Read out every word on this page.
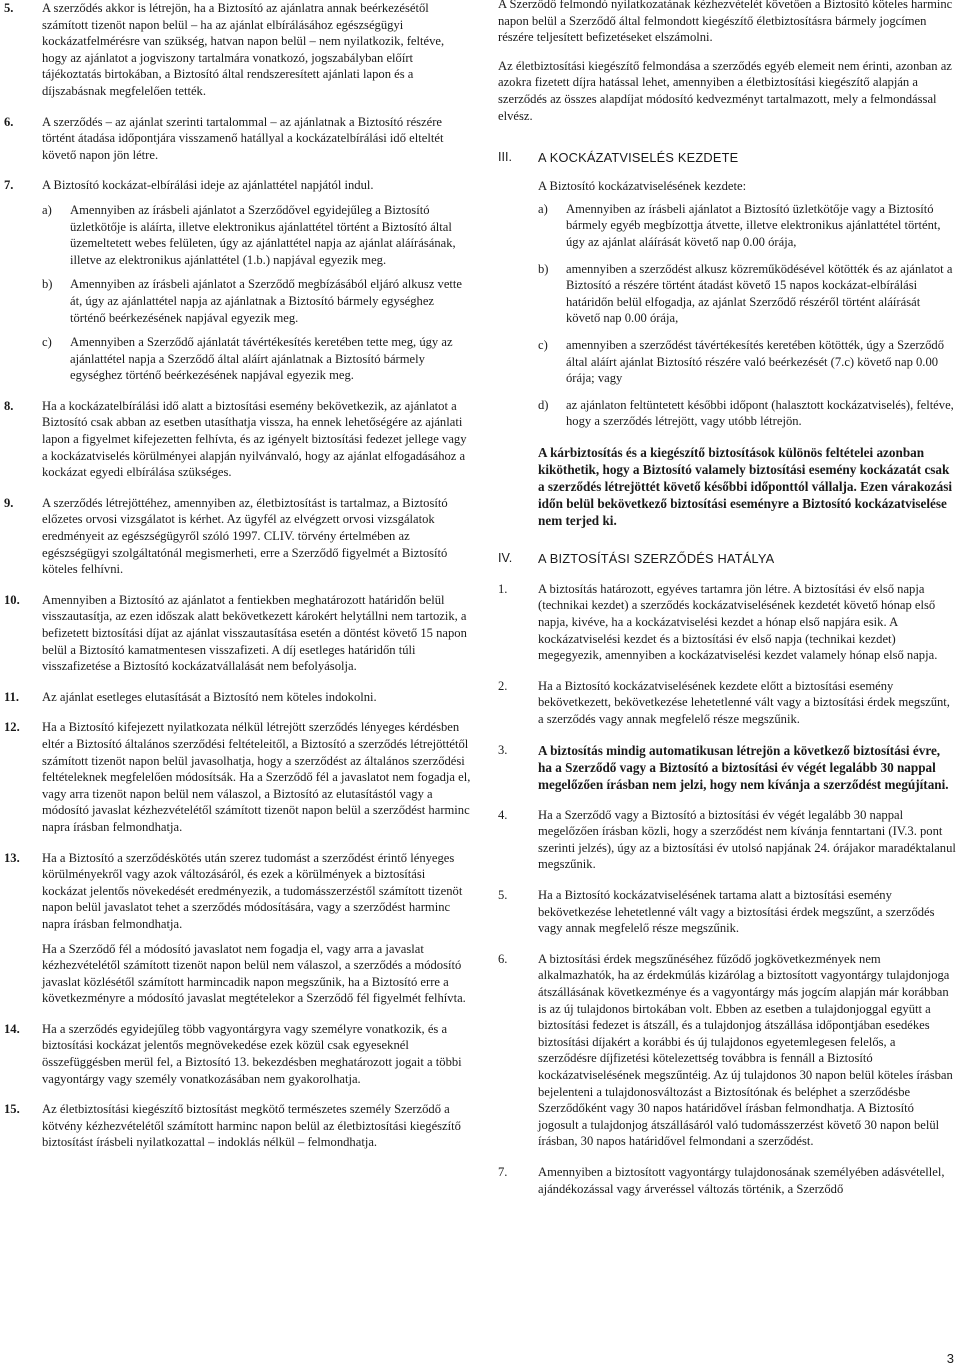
5. A szerződés akkor is létrejön, ha a Biztosító az ajánlatra annak beérkezésétől számított tizenöt napon belül – ha az ajánlat elbírálásához egészségügyi kockázatfelmérésre van szükség, hatvan napon belül – nem nyilatkozik, feltéve, hogy az ajánlatot a jogviszony tartalmára vonatkozó, jogszabályban előírt tájékoztatás birtokában, a Biztosító által rendszeresített ajánlati lapon és a díjszabásnak megfelelően tették.

6. A szerződés – az ajánlat szerinti tartalommal – az ajánlatnak a Biztosító részére történt átadása időpontjára visszamenő hatállyal a kockázatelbírálási idő elteltét követő napon jön létre.

7. A Biztosító kockázat-elbírálási ideje az ajánlattétel napjától indul.

a) Amennyiben az írásbeli ajánlatot a Szerződővel egyidejűleg a Biztosító üzletkötője is aláírta, illetve elektronikus ajánlattétel történt a Biztosító által üzemeltetett webes felületen, úgy az ajánlattétel napja az ajánlat aláírásának, illetve az elektronikus ajánlattétel (1.b.) napjával egyezik meg.

b) Amennyiben az írásbeli ajánlatot a Szerződő megbízásából eljáró alkusz vette át, úgy az ajánlattétel napja az ajánlatnak a Biztosító bármely egységhez történő beérkezésének napjával egyezik meg.

c) Amennyiben a Szerződő ajánlatát távértékesítés keretében tette meg, úgy az ajánlattétel napja a Szerződő által aláírt ajánlatnak a Biztosító bármely egységhez történő beérkezésének napjával egyezik meg.

8. Ha a kockázatelbírálási idő alatt a biztosítási esemény bekövetkezik, az ajánlatot a Biztosító csak abban az esetben utasíthatja vissza, ha ennek lehetőségére az ajánlati lapon a figyelmet kifejezetten felhívta, és az igényelt biztosítási fedezet jellege vagy a kockázatviselés körülményei alapján nyilvánvaló, hogy az ajánlat elfogadásához a kockázat egyedi elbírálása szükséges.

9. A szerződés létrejöttéhez, amennyiben az, életbiztosítást is tartalmaz, a Biztosító előzetes orvosi vizsgálatot is kérhet. Az ügyfél az elvégzett orvosi vizsgálatok eredményeit az egészségügyről szóló 1997. CLIV. törvény értelmében az egészségügyi szolgáltatónál megismerheti, erre a Szerződő figyelmét a Biztosító köteles felhívni.

10. Amennyiben a Biztosító az ajánlatot a fentiekben meghatározott határidőn belül visszautasítja, az ezen időszak alatt bekövetkezett károkért helytállni nem tartozik, a befizetett biztosítási díjat az ajánlat visszautasítása esetén a döntést követő 15 napon belül a Biztosító kamatmentesen visszafizeti. A díj esetleges határidőn túli visszafizetése a Biztosító kockázatvállalását nem befolyásolja.

11. Az ajánlat esetleges elutasítását a Biztosító nem köteles indokolni.

12. Ha a Biztosító kifejezett nyilatkozata nélkül létrejött szerződés lényeges kérdésben eltér a Biztosító általános szerződési feltételeitől, a Biztosító a szerződés létrejöttétől számított tizenöt napon belül javasolhatja, hogy a szerződést az általános szerződési feltételeknek megfelelően módosítsák. Ha a Szerződő fél a javaslatot nem fogadja el, vagy arra tizenöt napon belül nem válaszol, a Biztosító az elutasítástól vagy a módosító javaslat kézhezvételétől számított tizenöt napon belül a szerződést harminc napra írásban felmondhatja.

13. Ha a Biztosító a szerződéskötés után szerez tudomást a szerződést érintő lényeges körülményekről vagy azok változásáról, és ezek a körülmények a biztosítási kockázat jelentős növekedését eredményezik, a tudomásszerzéstől számított tizenöt napon belül javaslatot tehet a szerződés módosítására, vagy a szerződést harminc napra írásban felmondhatja.

Ha a Szerződő fél a módosító javaslatot nem fogadja el, vagy arra a javaslat kézhezvételétől számított tizenöt napon belül nem válaszol, a szerződés a módosító javaslat közlésétől számított harmincadik napon megszűnik, ha a Biztosító erre a következményre a módosító javaslat megtételekor a Szerződő fél figyelmét felhívta.

14. Ha a szerződés egyidejűleg több vagyontárgyra vagy személyre vonatkozik, és a biztosítási kockázat jelentős megnövekedése ezek közül csak egyeseknél összefüggésben merül fel, a Biztosító 13. bekezdésben meghatározott jogait a többi vagyontárgy vagy személy vonatkozásában nem gyakorolhatja.

15. Az életbiztosítási kiegészítő biztosítást megkötő természetes személy Szerződő a kötvény kézhezvételétől számított harminc napon belül az életbiztosítási kiegészítő biztosítást írásbeli nyilatkozattal – indoklás nélkül – felmondhatja.

A Szerződő felmondó nyilatkozatának kézhezvételét követően a Biztosító köteles harminc napon belül a Szerződő által felmondott kiegészítő életbiztosításra bármely jogcímen részére teljesített befizetéseket elszámolni.

Az életbiztosítási kiegészítő felmondása a szerződés egyéb elemeit nem érinti, azonban az azokra fizetett díjra hatással lehet, amennyiben a életbiztosítási kiegészítő alapján a szerződés az összes alapdíjat módosító kedvezményt tartalmazott, mely a felmondással elvész.

III. A KOCKÁZATVISELÉS KEZDETE

A Biztosító kockázatviselésének kezdete:

a) Amennyiben az írásbeli ajánlatot a Biztosító üzletkötője vagy a Biztosító bármely egyéb megbízottja átvette, illetve elektronikus ajánlattétel történt, úgy az ajánlat aláírását követő nap 0.00 órája,

b) amennyiben a szerződést alkusz közreműködésével kötötték és az ajánlatot a Biztosító a részére történt átadást követő 15 napos kockázat-elbírálási határidőn belül elfogadja, az ajánlat Szerződő részéről történt aláírását követő nap 0.00 órája,

c) amennyiben a szerződést távértékesítés keretében kötötték, úgy a Szerződő által aláírt ajánlat Biztosító részére való beérkezését (7.c) követő nap 0.00 órája; vagy

d) az ajánlaton feltüntetett későbbi időpont (halasztott kockázatviselés), feltéve, hogy a szerződés létrejött, vagy utóbb létrejön.

A kárbiztosítás és a kiegészítő biztosítások különös feltételei azonban kiköthetik, hogy a Biztosító valamely biztosítási esemény kockázatát csak a szerződés létrejöttét követő későbbi időponttól vállalja. Ezen várakozási időn belül bekövetkező biztosítási eseményre a Biztosító kockázatviselése nem terjed ki.

IV. A BIZTOSÍTÁSI SZERZŐDÉS HATÁLYA
1. A biztosítás határozott, egyéves tartamra jön létre. A biztosítási év első napja (technikai kezdet) a szerződés kockázatviselésének kezdetét követő hónap első napja, kivéve, ha a kockázatviselési kezdet a hónap első napjára esik. A kockázatviselési kezdet és a biztosítási év első napja (technikai kezdet) megegyezik, amennyiben a kockázatviselési kezdet valamely hónap első napja.

2. Ha a Biztosító kockázatviselésének kezdete előtt a biztosítási esemény bekövetkezett, bekövetkezése lehetetlenné vált vagy a biztosítási érdek megszűnt, a szerződés vagy annak megfelelő része megszűnik.

3. A biztosítás mindig automatikusan létrejön a következő biztosítási évre, ha a Szerződő vagy a Biztosító a biztosítási év végét legalább 30 nappal megelőzően írásban nem jelzi, hogy nem kívánja a szerződést megújítani.

4. Ha a Szerződő vagy a Biztosító a biztosítási év végét legalább 30 nappal megelőzően írásban közli, hogy a szerződést nem kívánja fenntartani (IV.3. pont szerinti jelzés), úgy az a biztosítási év utolsó napjának 24. órájakor maradéktalanul megszűnik.

5. Ha a Biztosító kockázatviselésének tartama alatt a biztosítási esemény bekövetkezése lehetetlenné vált vagy a biztosítási érdek megszűnt, a szerződés vagy annak megfelelő része megszűnik.

6. A biztosítási érdek megszűnéséhez fűződő jogkövetkezmények nem alkalmazhatók, ha az érdekmúlás kizárólag a biztosított vagyontárgy tulajdonjoga átszállásának következménye és a vagyontárgy más jogcím alapján már korábban is az új tulajdonos birtokában volt. Ebben az esetben a tulajdonjoggal együtt a biztosítási fedezet is átszáll, és a tulajdonjog átszállása időpontjában esedékes biztosítási díjakért a korábbi és új tulajdonos egyetemlegesen felelős, a szerződésre díjfizetési kötelezettség továbbra is fennáll a Biztosító kockázatviselésének megszűntéig. Az új tulajdonos 30 napon belül köteles írásban bejelenteni a tulajdonosváltozást a Biztosítónak és beléphet a szerződésbe Szerződőként vagy 30 napos határidővel írásban felmondhatja. A Biztosító jogosult a tulajdonjog átszállásáról való tudomásszerzést követő 30 napon belül írásban, 30 napos határidővel felmondani a szerződést.

7. Amennyiben a biztosított vagyontárgy tulajdonosának személyében adásvétellel, ajándékozással vagy árveréssel változás történik, a Szerződő

3
